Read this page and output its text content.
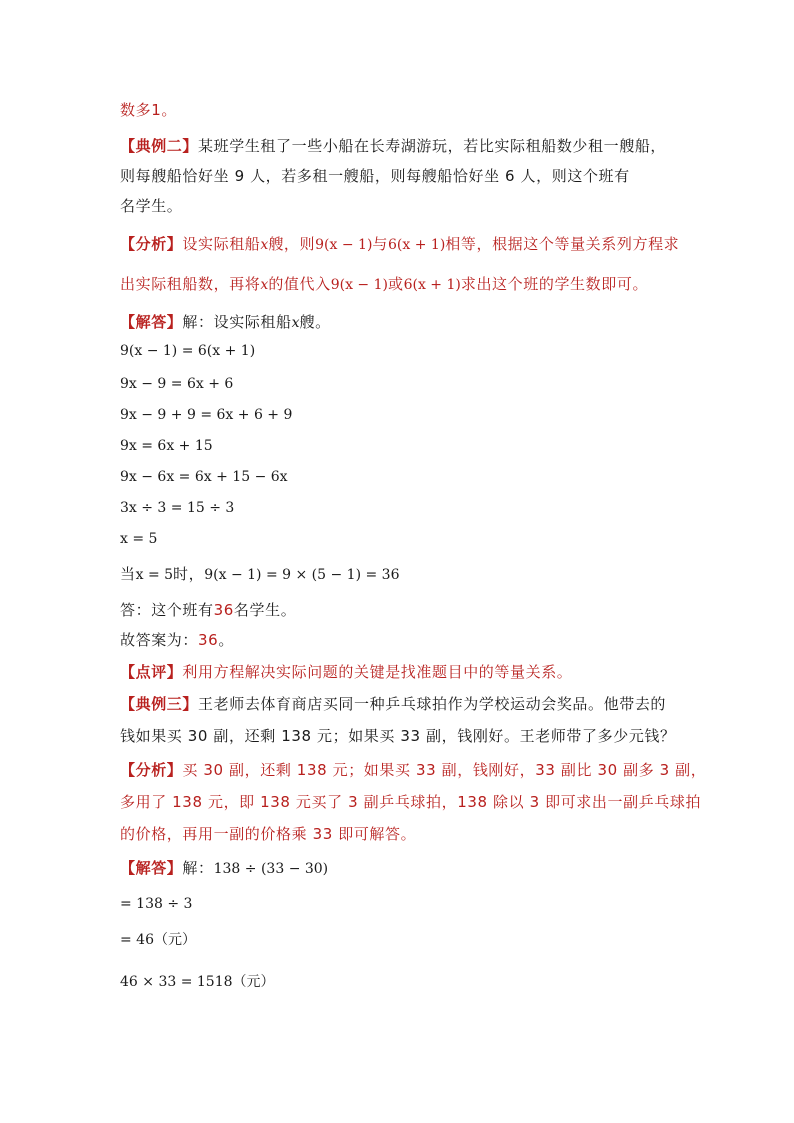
数多1。
【典例二】某班学生租了一些小船在长寿湖游玩，若比实际租船数少租一艘船，
则每艘船恰好坐 9 人，若多租一艘船，则每艘船恰好坐 6 人，则这个班有
名学生。
【分析】设实际租船x艘，则9(x − 1)与6(x + 1)相等，根据这个等量关系列方程求
出实际租船数，再将x的值代入9(x − 1)或6(x + 1)求出这个班的学生数即可。
【解答】解：设实际租船x艘。
9(x − 1) = 6(x + 1)
9x − 9 = 6x + 6
9x − 9 + 9 = 6x + 6 + 9
9x = 6x + 15
9x − 6x = 6x + 15 − 6x
3x ÷ 3 = 15 ÷ 3
x = 5
当x = 5时，9(x − 1) = 9 × (5 − 1) = 36
答：这个班有36名学生。
故答案为：36。
【点评】利用方程解决实际问题的关键是找准题目中的等量关系。
【典例三】王老师去体育商店买同一种乒乓球拍作为学校运动会奖品。他带去的
钱如果买 30 副，还剩 138 元；如果买 33 副，钱刚好。王老师带了多少元钱？
【分析】买 30 副，还剩 138 元；如果买 33 副，钱刚好，33 副比 30 副多 3 副，
多用了 138 元，即 138 元买了 3 副乒乓球拍，138 除以 3 即可求出一副乒乓球拍
的价格，再用一副的价格乘 33 即可解答。
【解答】解：138 ÷ (33 − 30)
= 138 ÷ 3
= 46（元）
46 × 33 = 1518（元）
